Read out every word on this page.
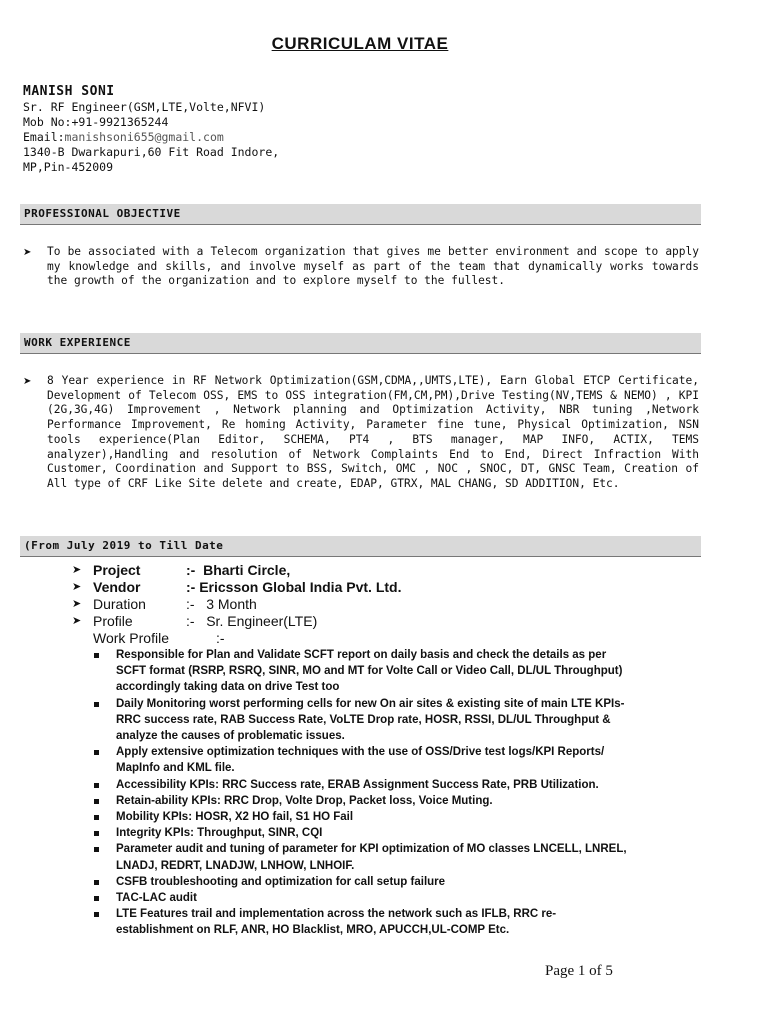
CURRICULAM VITAE
MANISH SONI
Sr. RF Engineer(GSM,LTE,Volte,NFVI)
Mob No:+91-9921365244
Email:manishsoni655@gmail.com
1340-B Dwarkapuri,60 Fit Road Indore,
MP,Pin-452009
PROFESSIONAL OBJECTIVE
➤ To be associated with a Telecom organization that gives me better environment and scope to apply my knowledge and skills, and involve myself as part of the team that dynamically works towards the growth of the organization and to explore myself to the fullest.
WORK EXPERIENCE
➤ 8 Year experience in RF Network Optimization(GSM,CDMA,,UMTS,LTE), Earn Global ETCP Certificate, Development of Telecom OSS, EMS to OSS integration(FM,CM,PM),Drive Testing(NV,TEMS & NEMO) , KPI (2G,3G,4G) Improvement , Network planning and Optimization Activity, NBR tuning ,Network Performance Improvement, Re homing Activity, Parameter fine tune, Physical Optimization, NSN tools experience(Plan Editor, SCHEMA, PT4 , BTS manager, MAP INFO, ACTIX, TEMS analyzer),Handling and resolution of Network Complaints End to End, Direct Infraction With Customer, Coordination and Support to BSS, Switch, OMC , NOC , SNOC, DT, GNSC Team, Creation of All type of CRF Like Site delete and create, EDAP, GTRX, MAL CHANG, SD ADDITION, Etc.
(From July 2019 to Till Date
➤ Project	:-  Bharti Circle,
➤ Vendor	:- Ericsson Global India Pvt. Ltd.
➤ Duration	:-   3 Month
➤ Profile	:-   Sr. Engineer(LTE)
Work Profile	:-
Responsible for Plan and Validate SCFT report on daily basis and check the details as per
SCFT format (RSRP, RSRQ, SINR, MO and MT for Volte Call or Video Call, DL/UL Throughput)
accordingly taking data on drive Test too
Daily Monitoring worst performing cells for new On air sites & existing site of main LTE KPIs-
RRC success rate, RAB Success Rate, VoLTE Drop rate, HOSR, RSSI, DL/UL Throughput &
analyze the causes of problematic issues.
Apply extensive optimization techniques with the use of OSS/Drive test logs/KPI Reports/
MapInfo and KML file.
Accessibility KPIs: RRC Success rate, ERAB Assignment Success Rate, PRB Utilization.
Retain-ability KPIs: RRC Drop, Volte Drop, Packet loss, Voice Muting.
Mobility KPIs: HOSR, X2 HO fail, S1 HO Fail
Integrity KPIs: Throughput, SINR, CQI
Parameter audit and tuning of parameter for KPI optimization of MO classes LNCELL, LNREL,
LNADJ, REDRT, LNADJW, LNHOW, LNHOIF.
CSFB troubleshooting and optimization for call setup failure
TAC-LAC audit
LTE Features trail and implementation across the network such as IFLB, RRC re-
establishment on RLF, ANR, HO Blacklist, MRO, APUCCH,UL-COMP Etc.
Page 1 of 5
